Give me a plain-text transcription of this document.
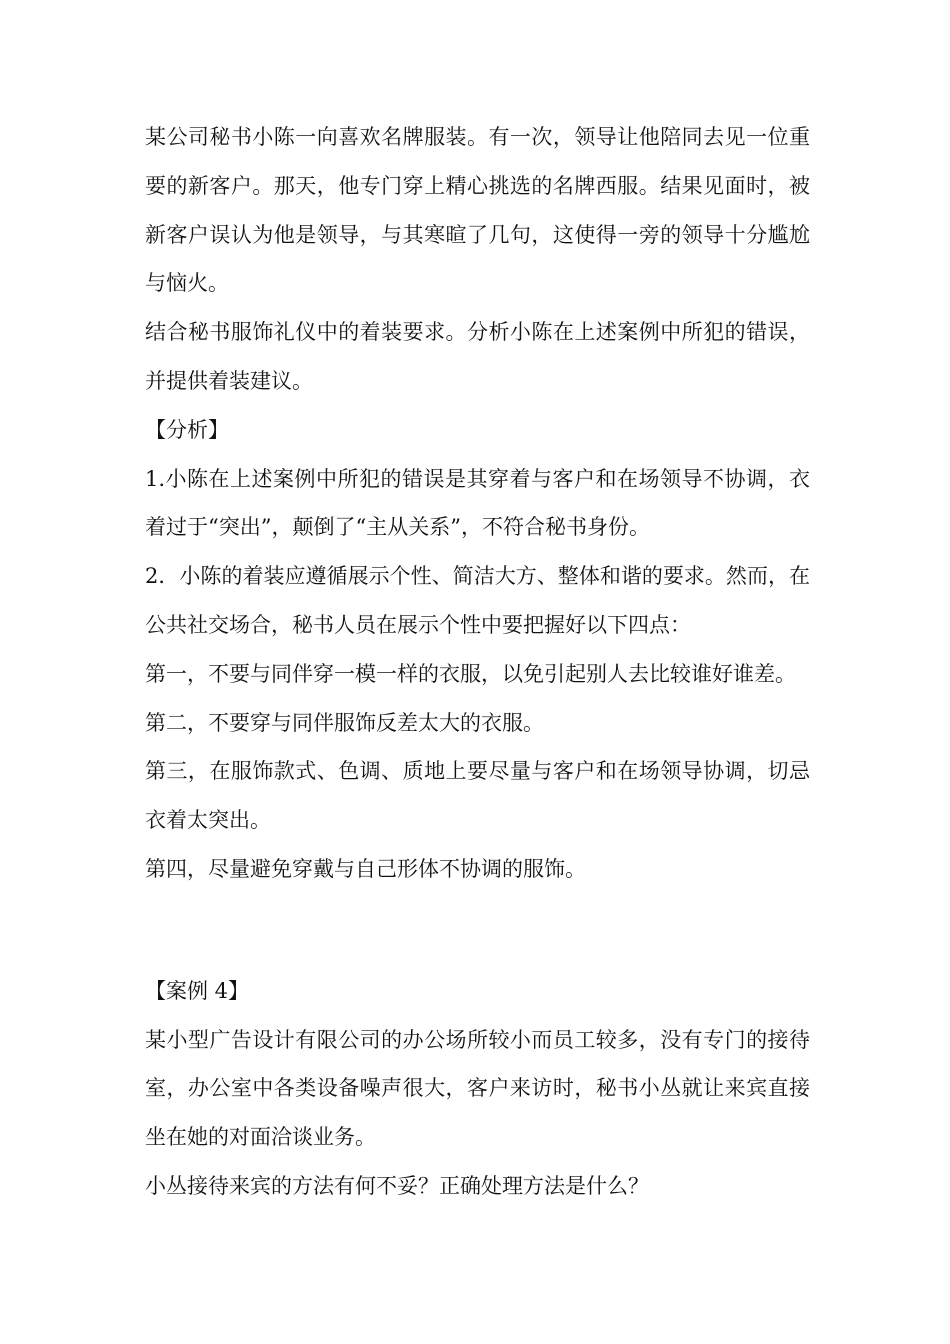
某公司秘书小陈一向喜欢名牌服装。有一次，领导让他陪同去见一位重要的新客户。那天，他专门穿上精心挑选的名牌西服。结果见面时，被新客户误认为他是领导，与其寒暄了几句，这使得一旁的领导十分尴尬与恼火。

结合秘书服饰礼仪中的着装要求。分析小陈在上述案例中所犯的错误，并提供着装建议。

【分析】

1.小陈在上述案例中所犯的错误是其穿着与客户和在场领导不协调，衣着过于“突出”，颠倒了“主从关系”，不符合秘书身份。

2．小陈的着装应遵循展示个性、简洁大方、整体和谐的要求。然而，在公共社交场合，秘书人员在展示个性中要把握好以下四点：

第一，不要与同伴穿一模一样的衣服，以免引起别人去比较谁好谁差。

第二，不要穿与同伴服饰反差太大的衣服。

第三，在服饰款式、色调、质地上要尽量与客户和在场领导协调，切忌衣着太突出。

第四，尽量避免穿戴与自己形体不协调的服饰。

【案例 4】

某小型广告设计有限公司的办公场所较小而员工较多，没有专门的接待室，办公室中各类设备噪声很大，客户来访时，秘书小丛就让来宾直接坐在她的对面洽谈业务。

小丛接待来宾的方法有何不妥？正确处理方法是什么？
